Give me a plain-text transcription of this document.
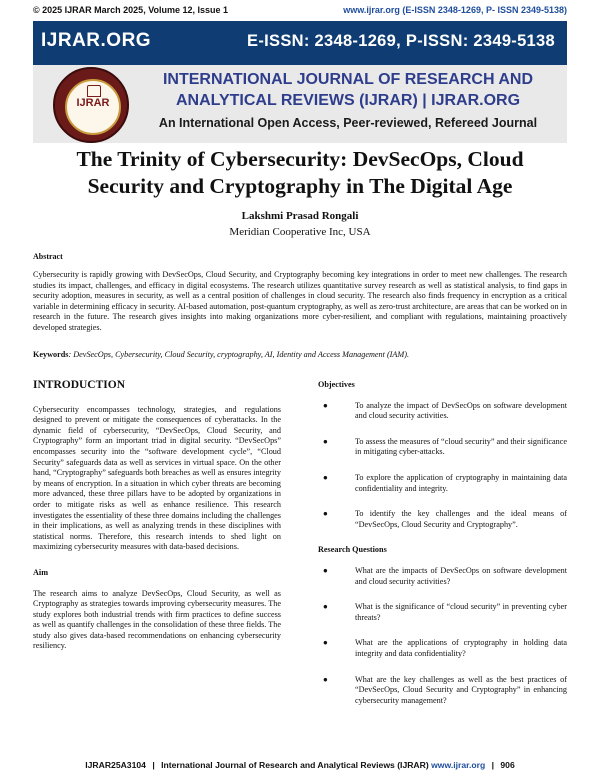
© 2025 IJRAR March 2025, Volume 12, Issue 1	www.ijrar.org (E-ISSN 2348-1269, P- ISSN 2349-5138)
IJRAR.ORG	E-ISSN: 2348-1269, P-ISSN: 2349-5138
IJRAR
INTERNATIONAL JOURNAL OF RESEARCH AND
ANALYTICAL REVIEWS (IJRAR) | IJRAR.ORG
An International Open Access, Peer-reviewed, Refereed Journal
The Trinity of Cybersecurity: DevSecOps, Cloud Security and Cryptography in The Digital Age
Lakshmi Prasad Rongali
Meridian Cooperative Inc, USA
Abstract
Cybersecurity is rapidly growing with DevSecOps, Cloud Security, and Cryptography becoming key integrations in order to meet new challenges. The research studies its impact, challenges, and efficacy in digital ecosystems. The research utilizes quantitative survey research as well as statistical analysis, to find gaps in security adoption, measures in security, as well as a central position of challenges in cloud security. The research also finds frequency in encryption as a critical variable in determining efficacy in security. AI-based automation, post-quantum cryptography, as well as zero-trust architecture, are areas that can be worked on in research in the future. The research gives insights into making organizations more cyber-resilient, and compliant with regulations, maintaining proactively developed strategies.
Keywords: DevSecOps, Cybersecurity, Cloud Security, cryptography, AI, Identity and Access Management (IAM).
INTRODUCTION
Cybersecurity encompasses technology, strategies, and regulations designed to prevent or mitigate the consequences of cyberattacks. In the dynamic field of cybersecurity, “DevSecOps, Cloud Security, and Cryptography” form an important triad in digital security. “DevSecOps” encompasses security into the “software development cycle”, “Cloud Security” safeguards data as well as services in virtual space. On the other hand, “Cryptography” safeguards both breaches as well as ensures integrity by means of encryption. In a situation in which cyber threats are becoming more advanced, these three pillars have to be adopted by organizations in order to mitigate risks as well as enhance resilience. This research investigates the essentiality of these three domains including the challenges in their implications, as well as analyzing trends in these disciplines with statistical norms. Therefore, this research intends to shed light on maximizing cybersecurity measures with data-based decisions.
Aim
The research aims to analyze DevSecOps, Cloud Security, as well as Cryptography as strategies towards improving cybersecurity measures. The study explores both industrial trends with firm practices to define success as well as quantify challenges in the consolidation of these three fields. The study also gives data-based recommendations on enhancing cybersecurity resiliency.
Objectives
●	To analyze the impact of DevSecOps on software development and cloud security activities.
●	To assess the measures of “cloud security” and their significance in mitigating cyber-attacks.
●	To explore the application of cryptography in maintaining data confidentiality and integrity.
●	To identify the key challenges and the ideal means of “DevSecOps, Cloud Security and Cryptography”.
Research Questions
●	What are the impacts of DevSecOps on software development and cloud security activities?
●	What is the significance of “cloud security” in preventing cyber threats?
●	What are the applications of cryptography in holding data integrity and data confidentiality?
●	What are the key challenges as well as the best practices of “DevSecOps, Cloud Security and Cryptography” in enhancing cybersecurity management?
IJRAR25A3104 | International Journal of Research and Analytical Reviews (IJRAR) www.ijrar.org | 906
